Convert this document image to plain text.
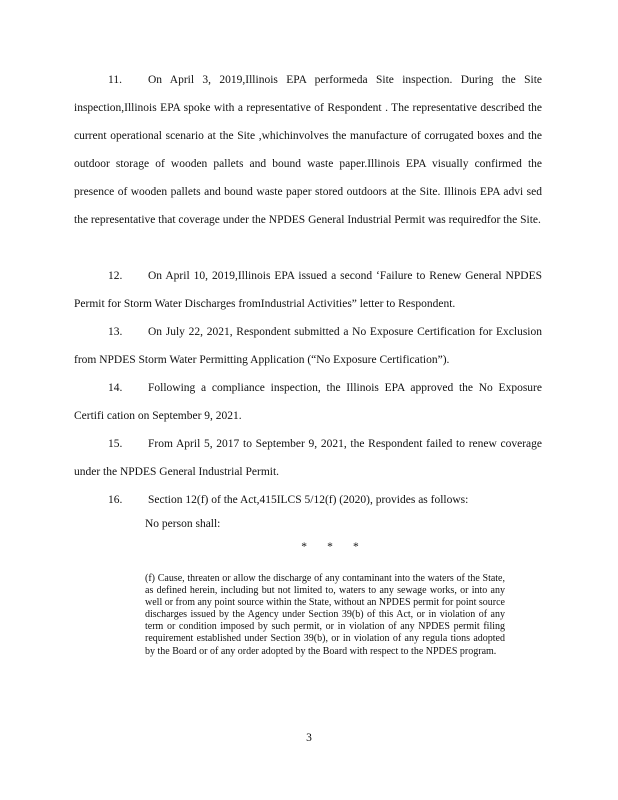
11. On April 3, 2019,Illinois EPA performeda Site inspection. During the Site inspection,Illinois EPA spoke with a representative of Respondent . The representative described the current operational scenario at the Site ,whichinvolves the manufacture of corrugated boxes and the outdoor storage of wooden pallets and bound waste paper.Illinois EPA visually confirmed the presence of wooden pallets and bound waste paper stored outdoors at the Site. Illinois EPA advi sed the representative that coverage under the NPDES General Industrial Permit was requiredfor the Site.
12. On April 10, 2019,Illinois EPA issued a second ‘Failure to Renew General NPDES Permit for Storm Water Discharges fromIndustrial Activities” letter to Respondent.
13. On July 22, 2021, Respondent submitted a No Exposure Certification for Exclusion from NPDES Storm Water Permitting Application (“No Exposure Certification”).
14. Following a compliance inspection, the Illinois EPA approved the No Exposure Certifi cation on September 9, 2021.
15. From April 5, 2017 to September 9, 2021, the Respondent failed to renew coverage under the NPDES General Industrial Permit.
16. Section 12(f) of the Act,415ILCS 5/12(f) (2020), provides as follows:
No person shall:
*       *       *
(f) Cause, threaten or allow the discharge of any contaminant into the waters of the State, as defined herein, including but not limited to, waters to any sewage works, or into any well or from any point source within the State, without an NPDES permit for point source discharges issued by the Agency under Section 39(b) of this Act, or in violation of any term or condition imposed by such permit, or in violation of any NPDES permit filing requirement established under Section 39(b), or in violation of any regula tions adopted by the Board or of any order adopted by the Board with respect to the NPDES program.
3
